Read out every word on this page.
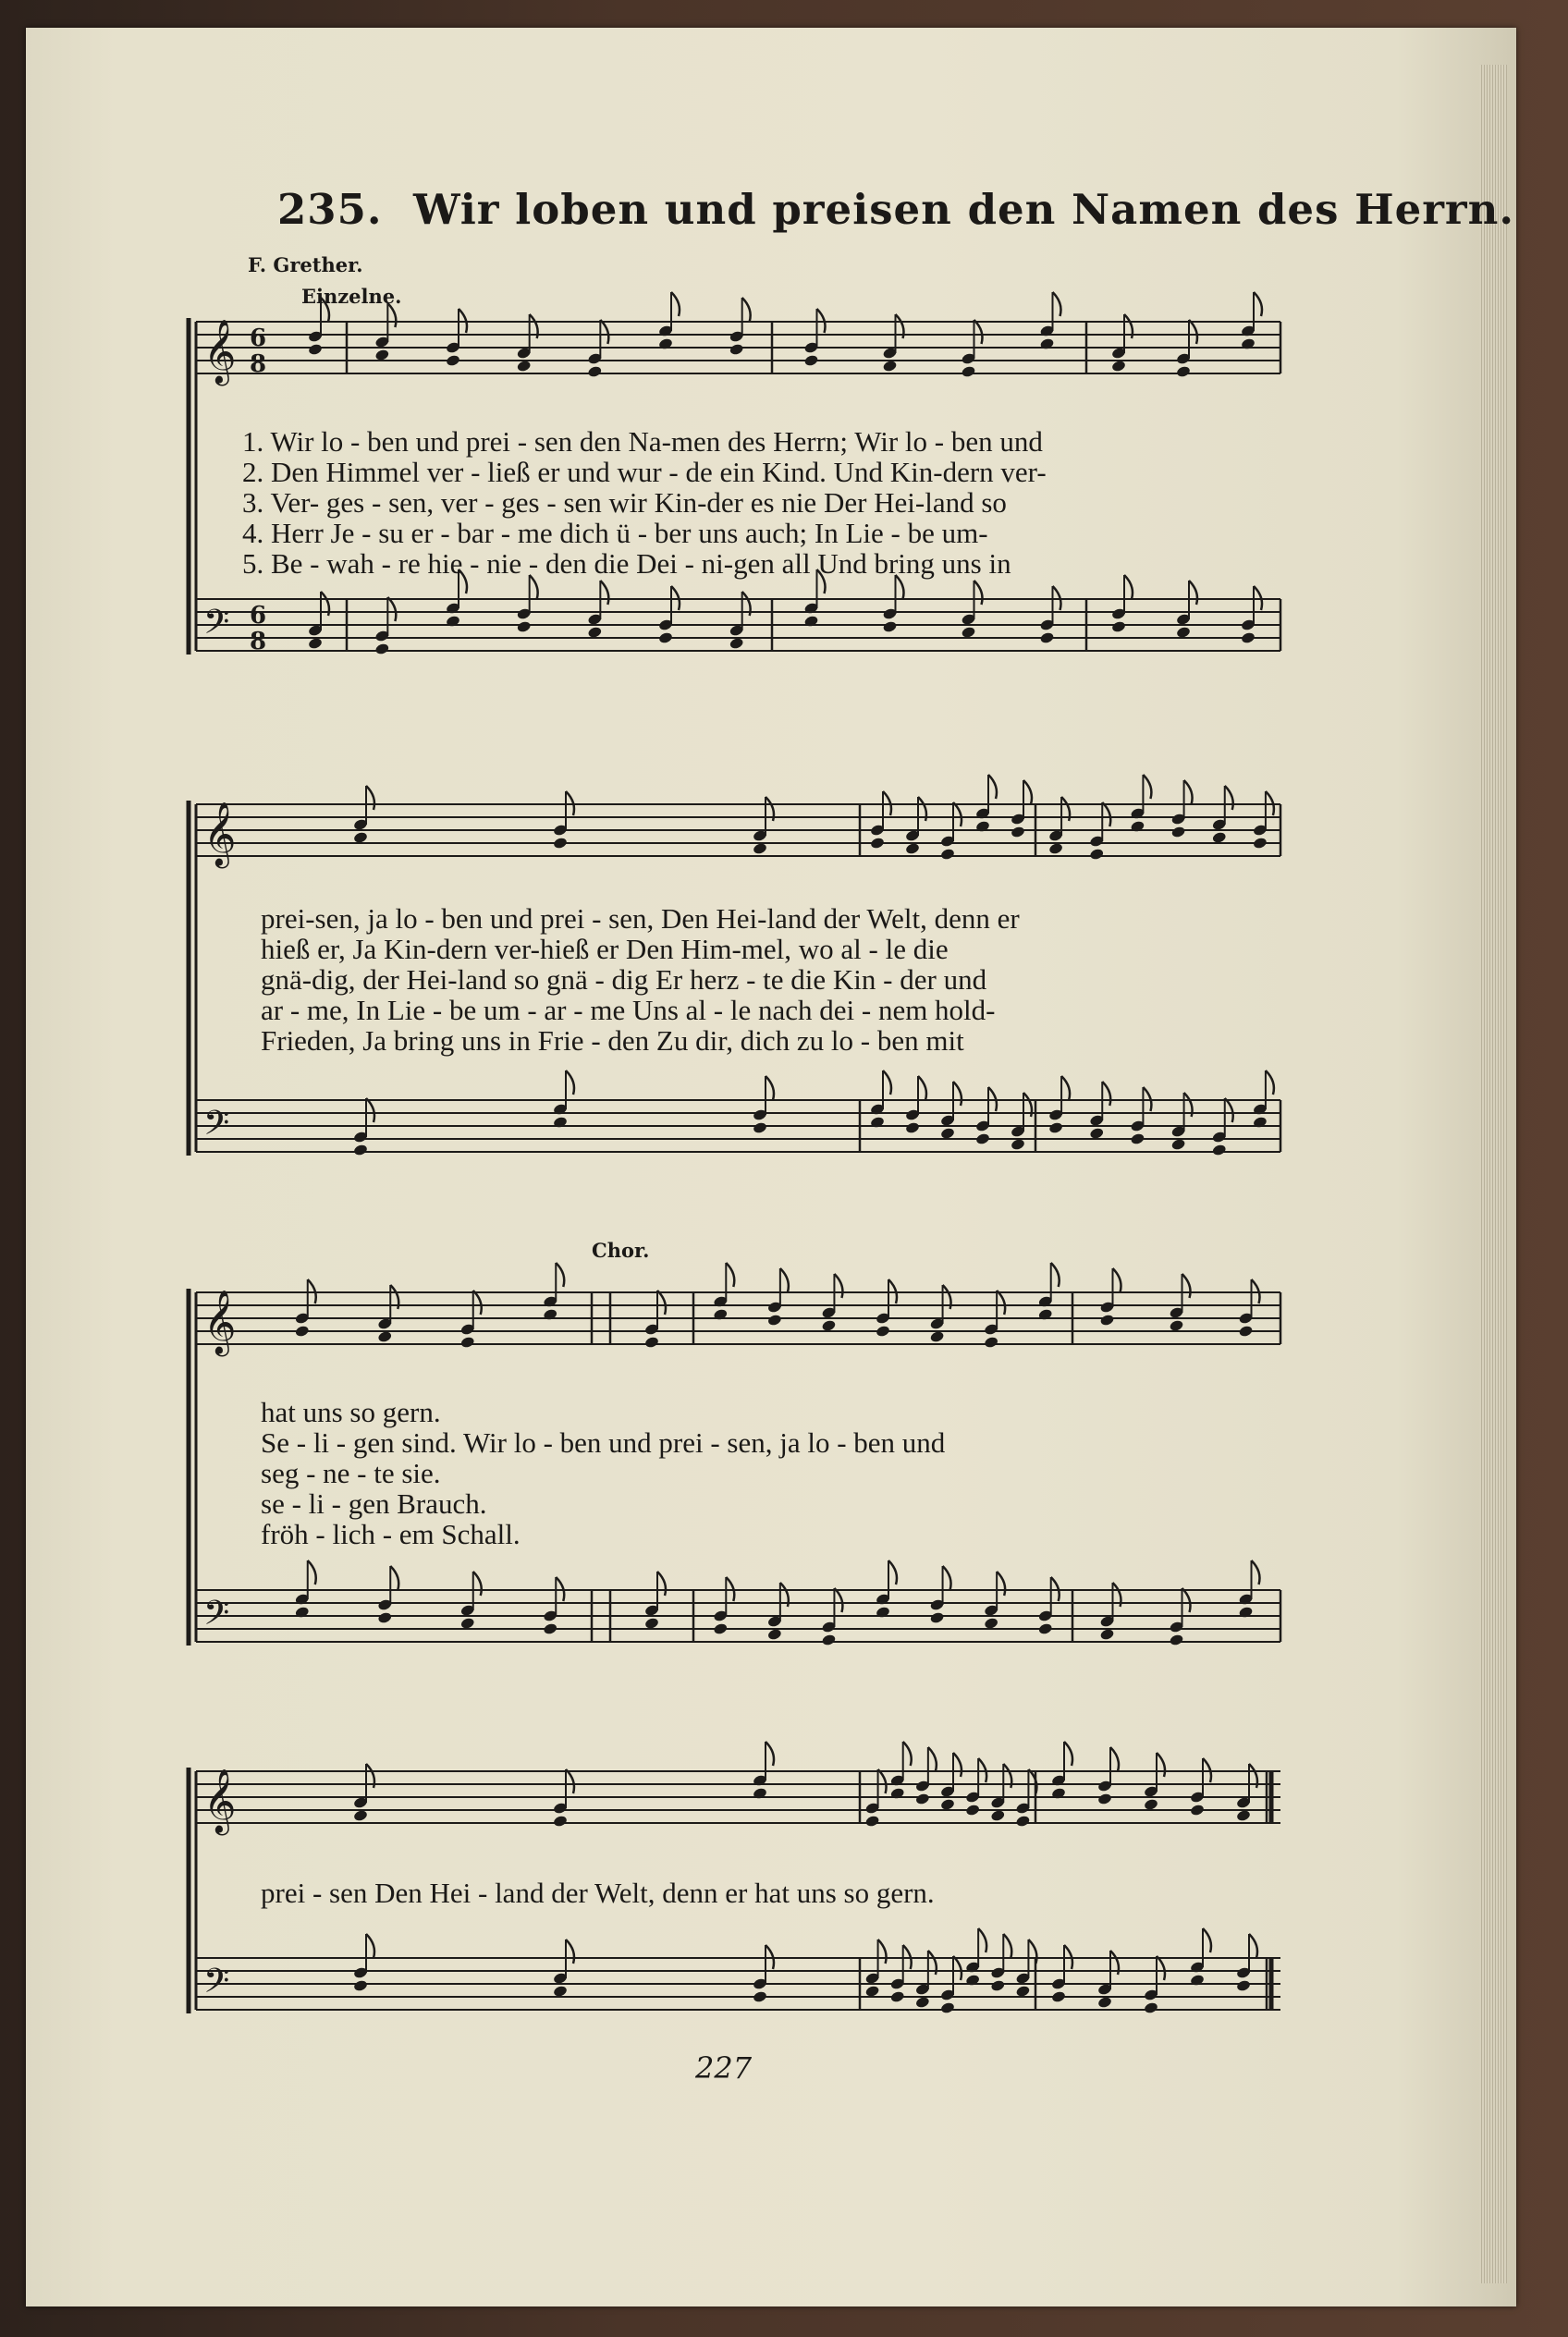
𝄞
𝄢
6
8
6
8
𝄞
𝄢
𝄞
𝄢
𝄞
𝄢
235. Wir loben und preisen den Namen des Herrn.
F. Grether.
Einzelne.
Chor.
1. Wir lo - ben und prei - sen den Na-men des Herrn; Wir lo - ben und
2. Den Himmel ver - ließ er und wur - de ein Kind. Und Kin-dern ver-
3. Ver- ges - sen, ver - ges - sen wir Kin-der es nie Der Hei-land so
4. Herr Je - su er - bar - me dich ü - ber uns auch; In Lie - be um-
5. Be - wah - re hie - nie - den die Dei - ni-gen all Und bring uns in
prei-sen, ja lo - ben und prei - sen, Den Hei-land der Welt, denn er
hieß er, Ja Kin-dern ver-hieß er Den Him-mel, wo al - le die
gnä-dig, der Hei-land so gnä - dig Er herz - te die Kin - der und
ar - me, In Lie - be um - ar - me Uns al - le nach dei - nem hold-
Frieden, Ja bring uns in Frie - den Zu dir, dich zu lo - ben mit
hat uns so gern.
Se - li - gen sind. Wir lo - ben und prei - sen, ja lo - ben und
seg - ne - te sie.
se - li - gen Brauch.
fröh - lich - em Schall.
prei - sen Den Hei - land der Welt, denn er hat uns so gern.
227
